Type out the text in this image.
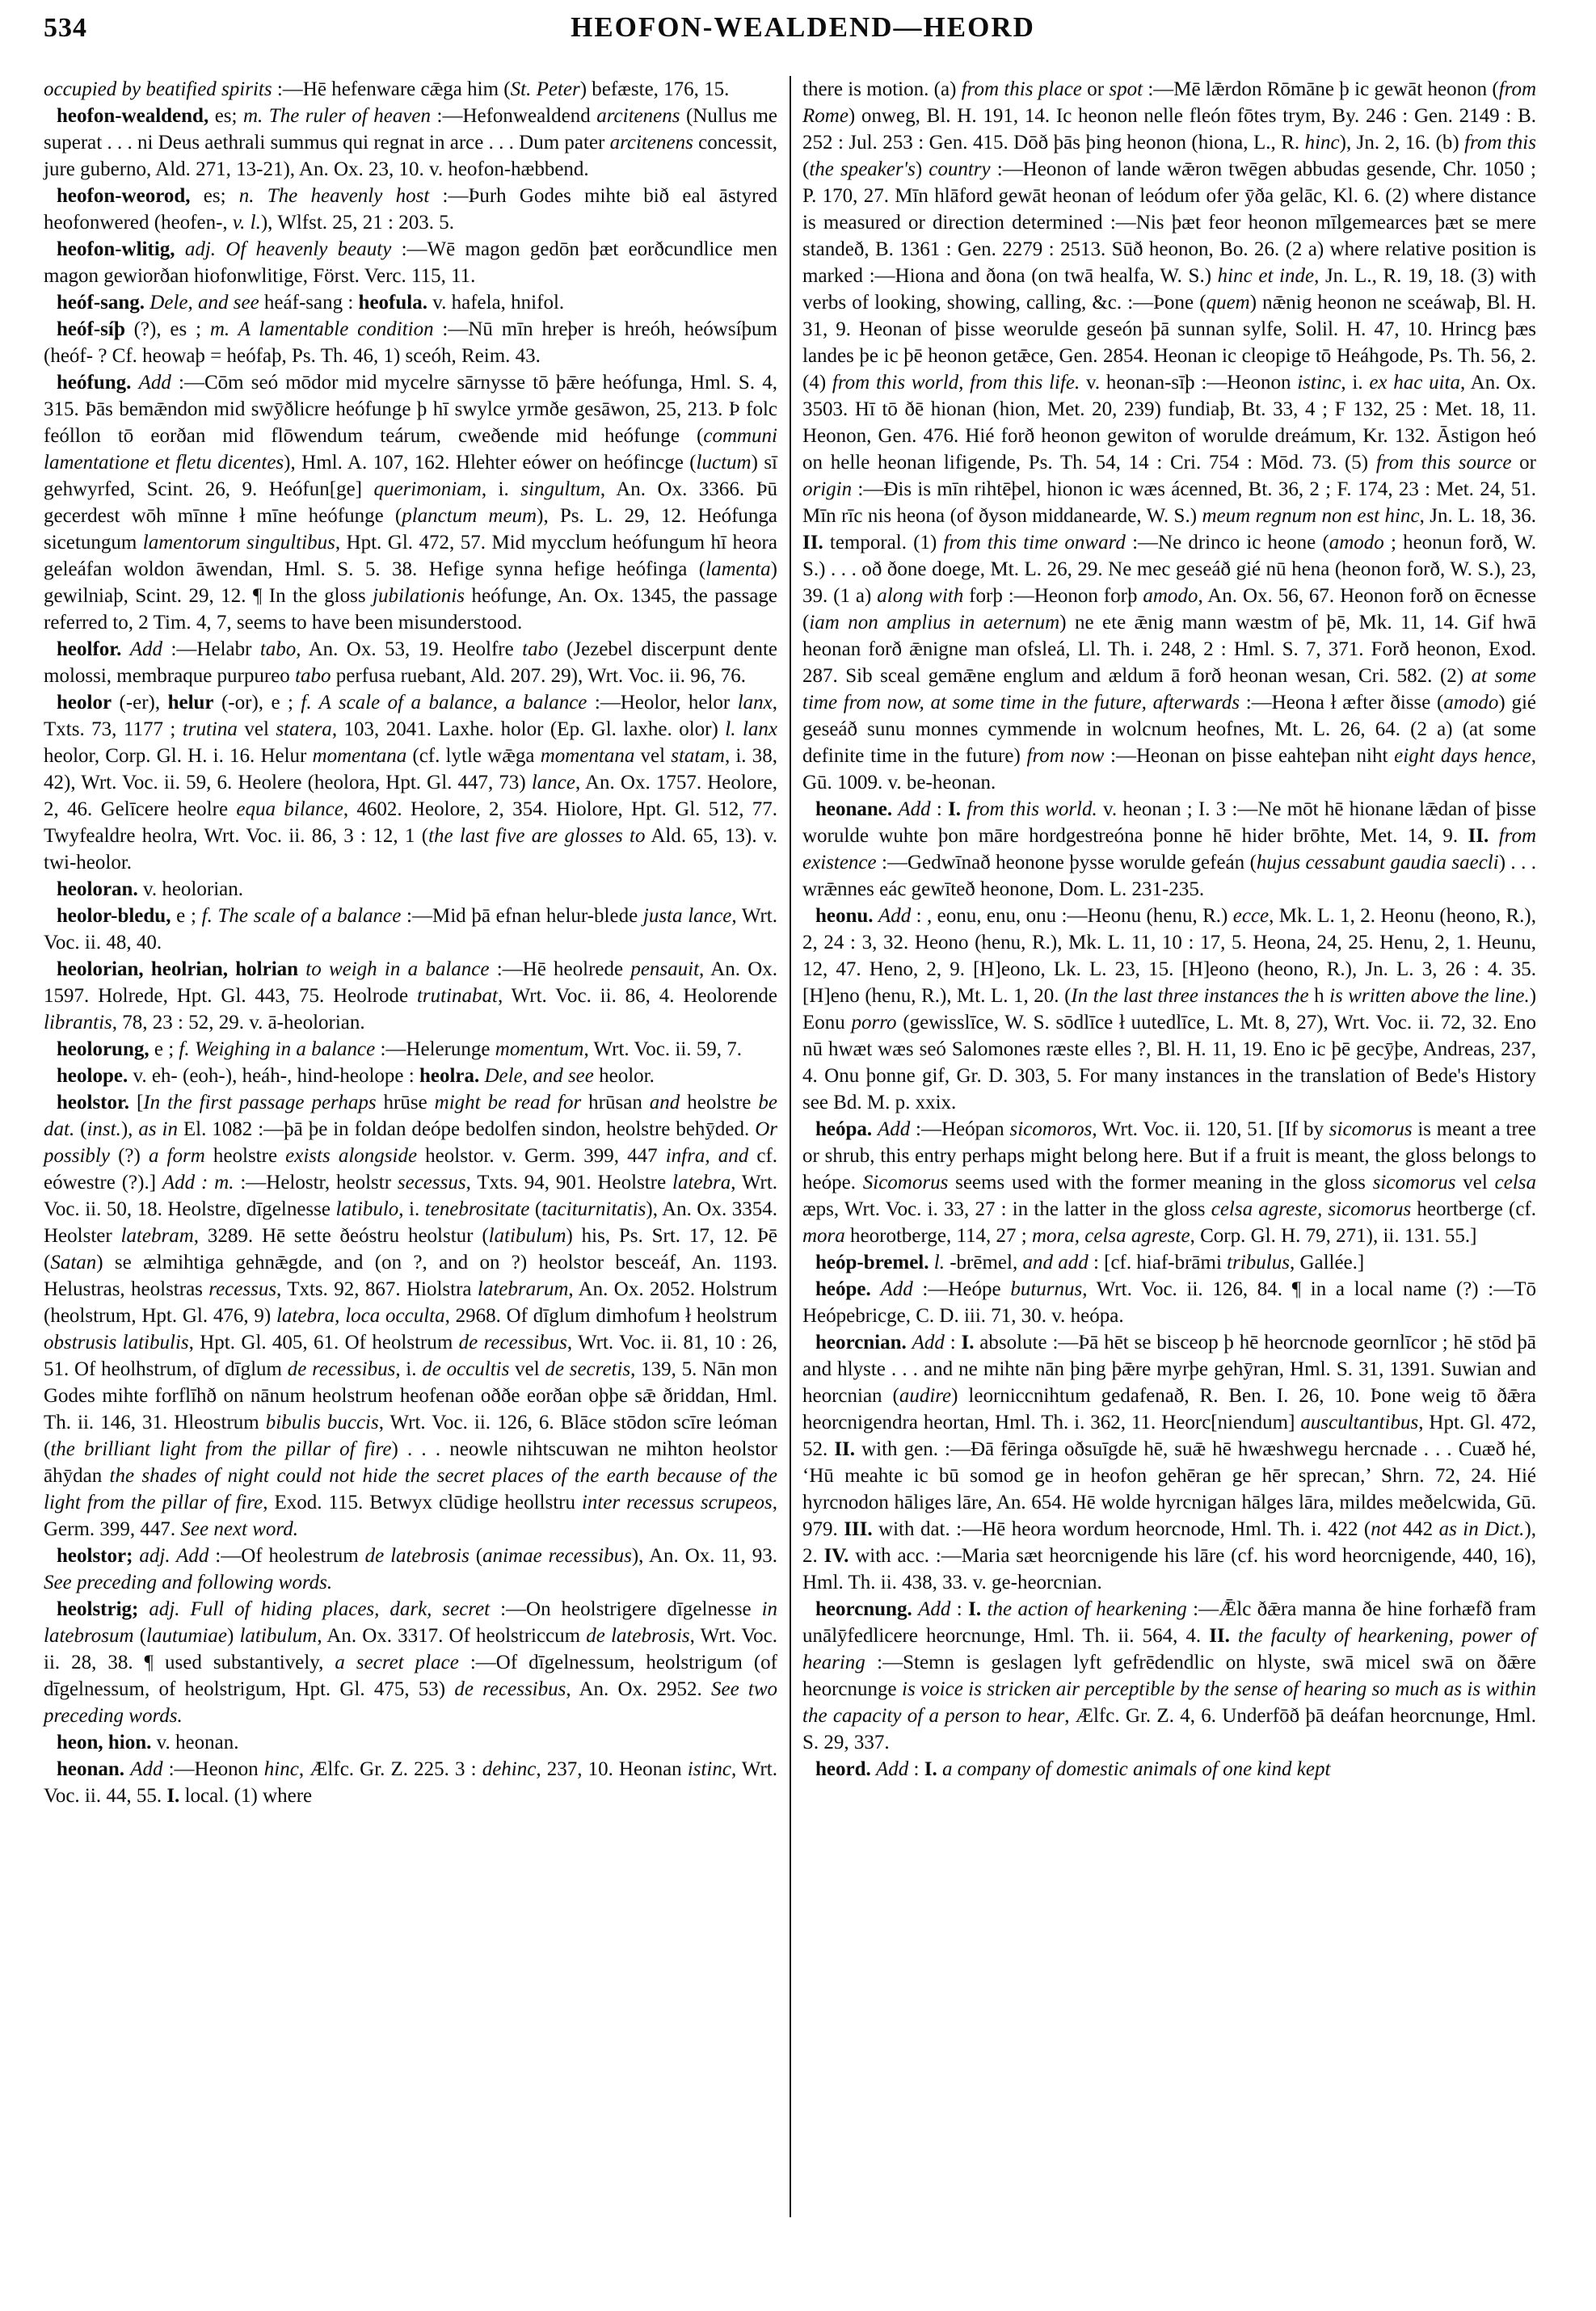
534	HEOFON-WEALDEND—HEORD

occupied by beatified spirits :—Hē hefenware cǣga him (St. Peter) befæste, 176, 15.

heofon-wealdend, es; m. The ruler of heaven :—Hefonwealdend arcitenens (Nullus me superat . . . ni Deus aethrali summus qui regnat in arce . . . Dum pater arcitenens concessit, jure guberno, Ald. 271, 13-21), An. Ox. 23, 10. v. heofon-hæbbend.

heofon-weorod, es; n. The heavenly host :—Þurh Godes mihte bið eal āstyred heofonwered (heofen-, v. l.), Wlfst. 25, 21 : 203. 5.

heofon-wlitig, adj. Of heavenly beauty :—Wē magon gedōn þæt eorðcundlice men magon gewiorðan hiofonwlitige, Först. Verc. 115, 11.

heóf-sang. Dele, and see heáf-sang : heofula. v. hafela, hnifol.

heóf-síþ (?), es ; m. A lamentable condition :—Nū mīn hreþer is hreóh, heówsíþum (heóf- ? Cf. heowaþ = heófaþ, Ps. Th. 46, 1) sceóh, Reim. 43.

heófung. Add :—Cōm seó mōdor mid mycelre sārnysse tō þǣre heófunga, Hml. S. 4, 315. Þās bemǣndon mid swȳðlicre heófunge þ hī swylce yrmðe gesāwon, 25, 213. Þ folc feóllon tō eorðan mid flōwendum teárum, cweðende mid heófunge (communi lamentatione et fletu dicentes), Hml. A. 107, 162. Hlehter eówer on heófincge (luctum) sī gehwyrfed, Scint. 26, 9. Heófun[ge] querimoniam, i. singultum, An. Ox. 3366. Þū gecerdest wōh mīnne ł mīne heófunge (planctum meum), Ps. L. 29, 12. Heófunga sicetungum lamentorum singultibus, Hpt. Gl. 472, 57. Mid mycclum heófungum hī heora geleáfan woldon āwendan, Hml. S. 5. 38. Hefige synna hefige heófinga (lamenta) gewilniaþ, Scint. 29, 12. ¶ In the gloss jubilationis heófunge, An. Ox. 1345, the passage referred to, 2 Tim. 4, 7, seems to have been misunderstood.

heolfor. Add :—Helabr tabo, An. Ox. 53, 19. Heolfre tabo (Jezebel discerpunt dente molossi, membraque purpureo tabo perfusa ruebant, Ald. 207. 29), Wrt. Voc. ii. 96, 76.

heolor (-er), helur (-or), e ; f. A scale of a balance, a balance :—Heolor, helor lanx, Txts. 73, 1177 ; trutina vel statera, 103, 2041. Laxhe. holor (Ep. Gl. laxhe. olor) l. lanx heolor, Corp. Gl. H. i. 16. Helur momentana (cf. lytle wǣga momentana vel statam, i. 38, 42), Wrt. Voc. ii. 59, 6. Heolere (heolora, Hpt. Gl. 447, 73) lance, An. Ox. 1757. Heolore, 2, 46. Gelīcere heolre equa bilance, 4602. Heolore, 2, 354. Hiolore, Hpt. Gl. 512, 77. Twyfealdre heolra, Wrt. Voc. ii. 86, 3 : 12, 1 (the last five are glosses to Ald. 65, 13). v. twi-heolor.

heoloran. v. heolorian.

heolor-bledu, e ; f. The scale of a balance :—Mid þā efnan helur-blede justa lance, Wrt. Voc. ii. 48, 40.

heolorian, heolrian, holrian to weigh in a balance :—Hē heolrede pensauit, An. Ox. 1597. Holrede, Hpt. Gl. 443, 75. Heolrode trutinabat, Wrt. Voc. ii. 86, 4. Heolorende librantis, 78, 23 : 52, 29. v. ā-heolorian.

heolorung, e ; f. Weighing in a balance :—Helerunge momentum, Wrt. Voc. ii. 59, 7.

heolope. v. eh- (eoh-), heáh-, hind-heolope : heolra. Dele, and see heolor.

heolstor. [In the first passage perhaps hrūse might be read for hrūsan and heolstre be dat. (inst.), as in El. 1082 :—þā þe in foldan deópe bedolfen sindon, heolstre behȳded. Or possibly (?) a form heolstre exists alongside heolstor. v. Germ. 399, 447 infra, and cf. eówestre (?).] Add : m. :—Helostr, heolstr secessus, Txts. 94, 901. Heolstre latebra, Wrt. Voc. ii. 50, 18. Heolstre, dīgelnesse latibulo, i. tenebrositate (taciturnitatis), An. Ox. 3354. Heolster latebram, 3289. Hē sette ðeóstru heolstur (latibulum) his, Ps. Srt. 17, 12. Þē (Satan) se ælmihtiga gehnǣgde, and (on ?, and on ?) heolstor besceáf, An. 1193. Helustras, heolstras recessus, Txts. 92, 867. Hiolstra latebrarum, An. Ox. 2052. Holstrum (heolstrum, Hpt. Gl. 476, 9) latebra, loca occulta, 2968. Of dīglum dimhofum ł heolstrum obstrusis latibulis, Hpt. Gl. 405, 61. Of heolstrum de recessibus, Wrt. Voc. ii. 81, 10 : 26, 51. Of heolhstrum, of dīglum de recessibus, i. de occultis vel de secretis, 139, 5. Nān mon Godes mihte forflīhð on nānum heolstrum heofenan oððe eorðan oþþe sǣ ðriddan, Hml. Th. ii. 146, 31. Hleostrum bibulis buccis, Wrt. Voc. ii. 126, 6. Blāce stōdon scīre leóman (the brilliant light from the pillar of fire) . . . neowle nihtscuwan ne mihton heolstor āhȳdan the shades of night could not hide the secret places of the earth because of the light from the pillar of fire, Exod. 115. Betwyx clūdige heollstru inter recessus scrupeos, Germ. 399, 447. See next word.

heolstor; adj. Add :—Of heolestrum de latebrosis (animae recessibus), An. Ox. 11, 93. See preceding and following words.

heolstrig; adj. Full of hiding places, dark, secret :—On heolstrigere dīgelnesse in latebrosum (lautumiae) latibulum, An. Ox. 3317. Of heolstriccum de latebrosis, Wrt. Voc. ii. 28, 38. ¶ used substantively, a secret place :—Of dīgelnessum, heolstrigum (of dīgelnessum, of heolstrigum, Hpt. Gl. 475, 53) de recessibus, An. Ox. 2952. See two preceding words.

heon, hion. v. heonan.

heonan. Add :—Heonon hinc, Ælfc. Gr. Z. 225. 3 : dehinc, 237, 10. Heonan istinc, Wrt. Voc. ii. 44, 55. I. local. (1) where

there is motion. (a) from this place or spot :—Mē lǣrdon Rōmāne þ ic gewāt heonon (from Rome) onweg, Bl. H. 191, 14. Ic heonon nelle fleón fōtes trym, By. 246 : Gen. 2149 : B. 252 : Jul. 253 : Gen. 415. Dōð þās þing heonon (hiona, L., R. hinc), Jn. 2, 16. (b) from this (the speaker's) country :—Heonon of lande wǣron twēgen abbudas gesende, Chr. 1050 ; P. 170, 27. Mīn hlāford gewāt heonan of leódum ofer ȳða gelāc, Kl. 6. (2) where distance is measured or direction determined :—Nis þæt feor heonon mīlgemearces þæt se mere standeð, B. 1361 : Gen. 2279 : 2513. Sūð heonon, Bo. 26. (2 a) where relative position is marked :—Hiona and ðona (on twā healfa, W. S.) hinc et inde, Jn. L., R. 19, 18. (3) with verbs of looking, showing, calling, &c. :—Þone (quem) nǣnig heonon ne sceáwaþ, Bl. H. 31, 9. Heonan of þisse weorulde geseón þā sunnan sylfe, Solil. H. 47, 10. Hrincg þæs landes þe ic þē heonon getǣce, Gen. 2854. Heonan ic cleopige tō Heáhgode, Ps. Th. 56, 2. (4) from this world, from this life. v. heonan-sīþ :—Heonon istinc, i. ex hac uita, An. Ox. 3503. Hī tō ðē hionan (hion, Met. 20, 239) fundiaþ, Bt. 33, 4 ; F 132, 25 : Met. 18, 11. Heonon, Gen. 476. Hié forð heonon gewiton of worulde dreámum, Kr. 132. Āstigon heó on helle heonan lifigende, Ps. Th. 54, 14 : Cri. 754 : Mōd. 73. (5) from this source or origin :—Ðis is mīn rihtēþel, hionon ic wæs ácenned, Bt. 36, 2 ; F. 174, 23 : Met. 24, 51. Mīn rīc nis heona (of ðyson middanearde, W. S.) meum regnum non est hinc, Jn. L. 18, 36. II. temporal. (1) from this time onward :—Ne drinco ic heone (amodo ; heonun forð, W. S.) . . . oð ðone doege, Mt. L. 26, 29. Ne mec geseáð gié nū hena (heonon forð, W. S.), 23, 39. (1 a) along with forþ :—Heonon forþ amodo, An. Ox. 56, 67. Heonon forð on ēcnesse (iam non amplius in aeternum) ne ete ǣnig mann wæstm of þē, Mk. 11, 14. Gif hwā heonan forð ǣnigne man ofsleá, Ll. Th. i. 248, 2 : Hml. S. 7, 371. Forð heonon, Exod. 287. Sib sceal gemǣne englum and ældum ā forð heonan wesan, Cri. 582. (2) at some time from now, at some time in the future, afterwards :—Heona ł æfter ðisse (amodo) gié geseáð sunu monnes cymmende in wolcnum heofnes, Mt. L. 26, 64. (2 a) (at some definite time in the future) from now :—Heonan on þisse eahteþan niht eight days hence, Gū. 1009. v. be-heonan.

heonane. Add : I. from this world. v. heonan ; I. 3 :—Ne mōt hē hionane lǣdan of þisse worulde wuhte þon māre hordgestreóna þonne hē hider brōhte, Met. 14, 9. II. from existence :—Gedwīnað heonone þysse worulde gefeán (hujus cessabunt gaudia saecli) . . . wrǣnnes eác gewīteð heonone, Dom. L. 231-235.

heonu. Add : , eonu, enu, onu :—Heonu (henu, R.) ecce, Mk. L. 1, 2. Heonu (heono, R.), 2, 24 : 3, 32. Heono (henu, R.), Mk. L. 11, 10 : 17, 5. Heona, 24, 25. Henu, 2, 1. Heunu, 12, 47. Heno, 2, 9. [H]eono, Lk. L. 23, 15. [H]eono (heono, R.), Jn. L. 3, 26 : 4. 35. [H]eno (henu, R.), Mt. L. 1, 20. (In the last three instances the h is written above the line.) Eonu porro (gewisslīce, W. S. sōdlīce ł uutedlīce, L. Mt. 8, 27), Wrt. Voc. ii. 72, 32. Eno nū hwæt wæs seó Salomones ræste elles ?, Bl. H. 11, 19. Eno ic þē gecȳþe, Andreas, 237, 4. Onu þonne gif, Gr. D. 303, 5. For many instances in the translation of Bede's History see Bd. M. p. xxix.

heópa. Add :—Heópan sicomoros, Wrt. Voc. ii. 120, 51. [If by sicomorus is meant a tree or shrub, this entry perhaps might belong here. But if a fruit is meant, the gloss belongs to heópe. Sicomorus seems used with the former meaning in the gloss sicomorus vel celsa æps, Wrt. Voc. i. 33, 27 : in the latter in the gloss celsa agreste, sicomorus heortberge (cf. mora heorotberge, 114, 27 ; mora, celsa agreste, Corp. Gl. H. 79, 271), ii. 131. 55.]

heóp-bremel. l. -brēmel, and add : [cf. hiaf-brāmi tribulus, Gallée.]

heópe. Add :—Heópe buturnus, Wrt. Voc. ii. 126, 84. ¶ in a local name (?) :—Tō Heópebricge, C. D. iii. 71, 30. v. heópa.

heorcnian. Add : I. absolute :—Þā hēt se bisceop þ hē heorcnode geornlīcor ; hē stōd þā and hlyste . . . and ne mihte nān þing þǣre myrþe gehȳran, Hml. S. 31, 1391. Suwian and heorcnian (audire) leorniccnihtum gedafenað, R. Ben. I. 26, 10. Þone weig tō ðǣra heorcnigendra heortan, Hml. Th. i. 362, 11. Heorc[niendum] auscultantibus, Hpt. Gl. 472, 52. II. with gen. :—Ðā fēringa oðsuīgde hē, suǣ hē hwæshwegu hercnade . . . Cuæð hé, ‘Hū meahte ic bū somod ge in heofon gehēran ge hēr sprecan,’ Shrn. 72, 24. Hié hyrcnodon hāliges lāre, An. 654. Hē wolde hyrcnigan hālges lāra, mildes meðelcwida, Gū. 979. III. with dat. :—Hē heora wordum heorcnode, Hml. Th. i. 422 (not 442 as in Dict.), 2. IV. with acc. :—Maria sæt heorcnigende his lāre (cf. his word heorcnigende, 440, 16), Hml. Th. ii. 438, 33. v. ge-heorcnian.

heorcnung. Add : I. the action of hearkening :—Ǣlc ðǣra manna ðe hine forhæfð fram unālȳfedlicere heorcnunge, Hml. Th. ii. 564, 4. II. the faculty of hearkening, power of hearing :—Stemn is geslagen lyft gefrēdendlic on hlyste, swā micel swā on ðǣre heorcnunge is voice is stricken air perceptible by the sense of hearing so much as is within the capacity of a person to hear, Ælfc. Gr. Z. 4, 6. Underfōð þā deáfan heorcnunge, Hml. S. 29, 337.

heord. Add : I. a company of domestic animals of one kind kept
